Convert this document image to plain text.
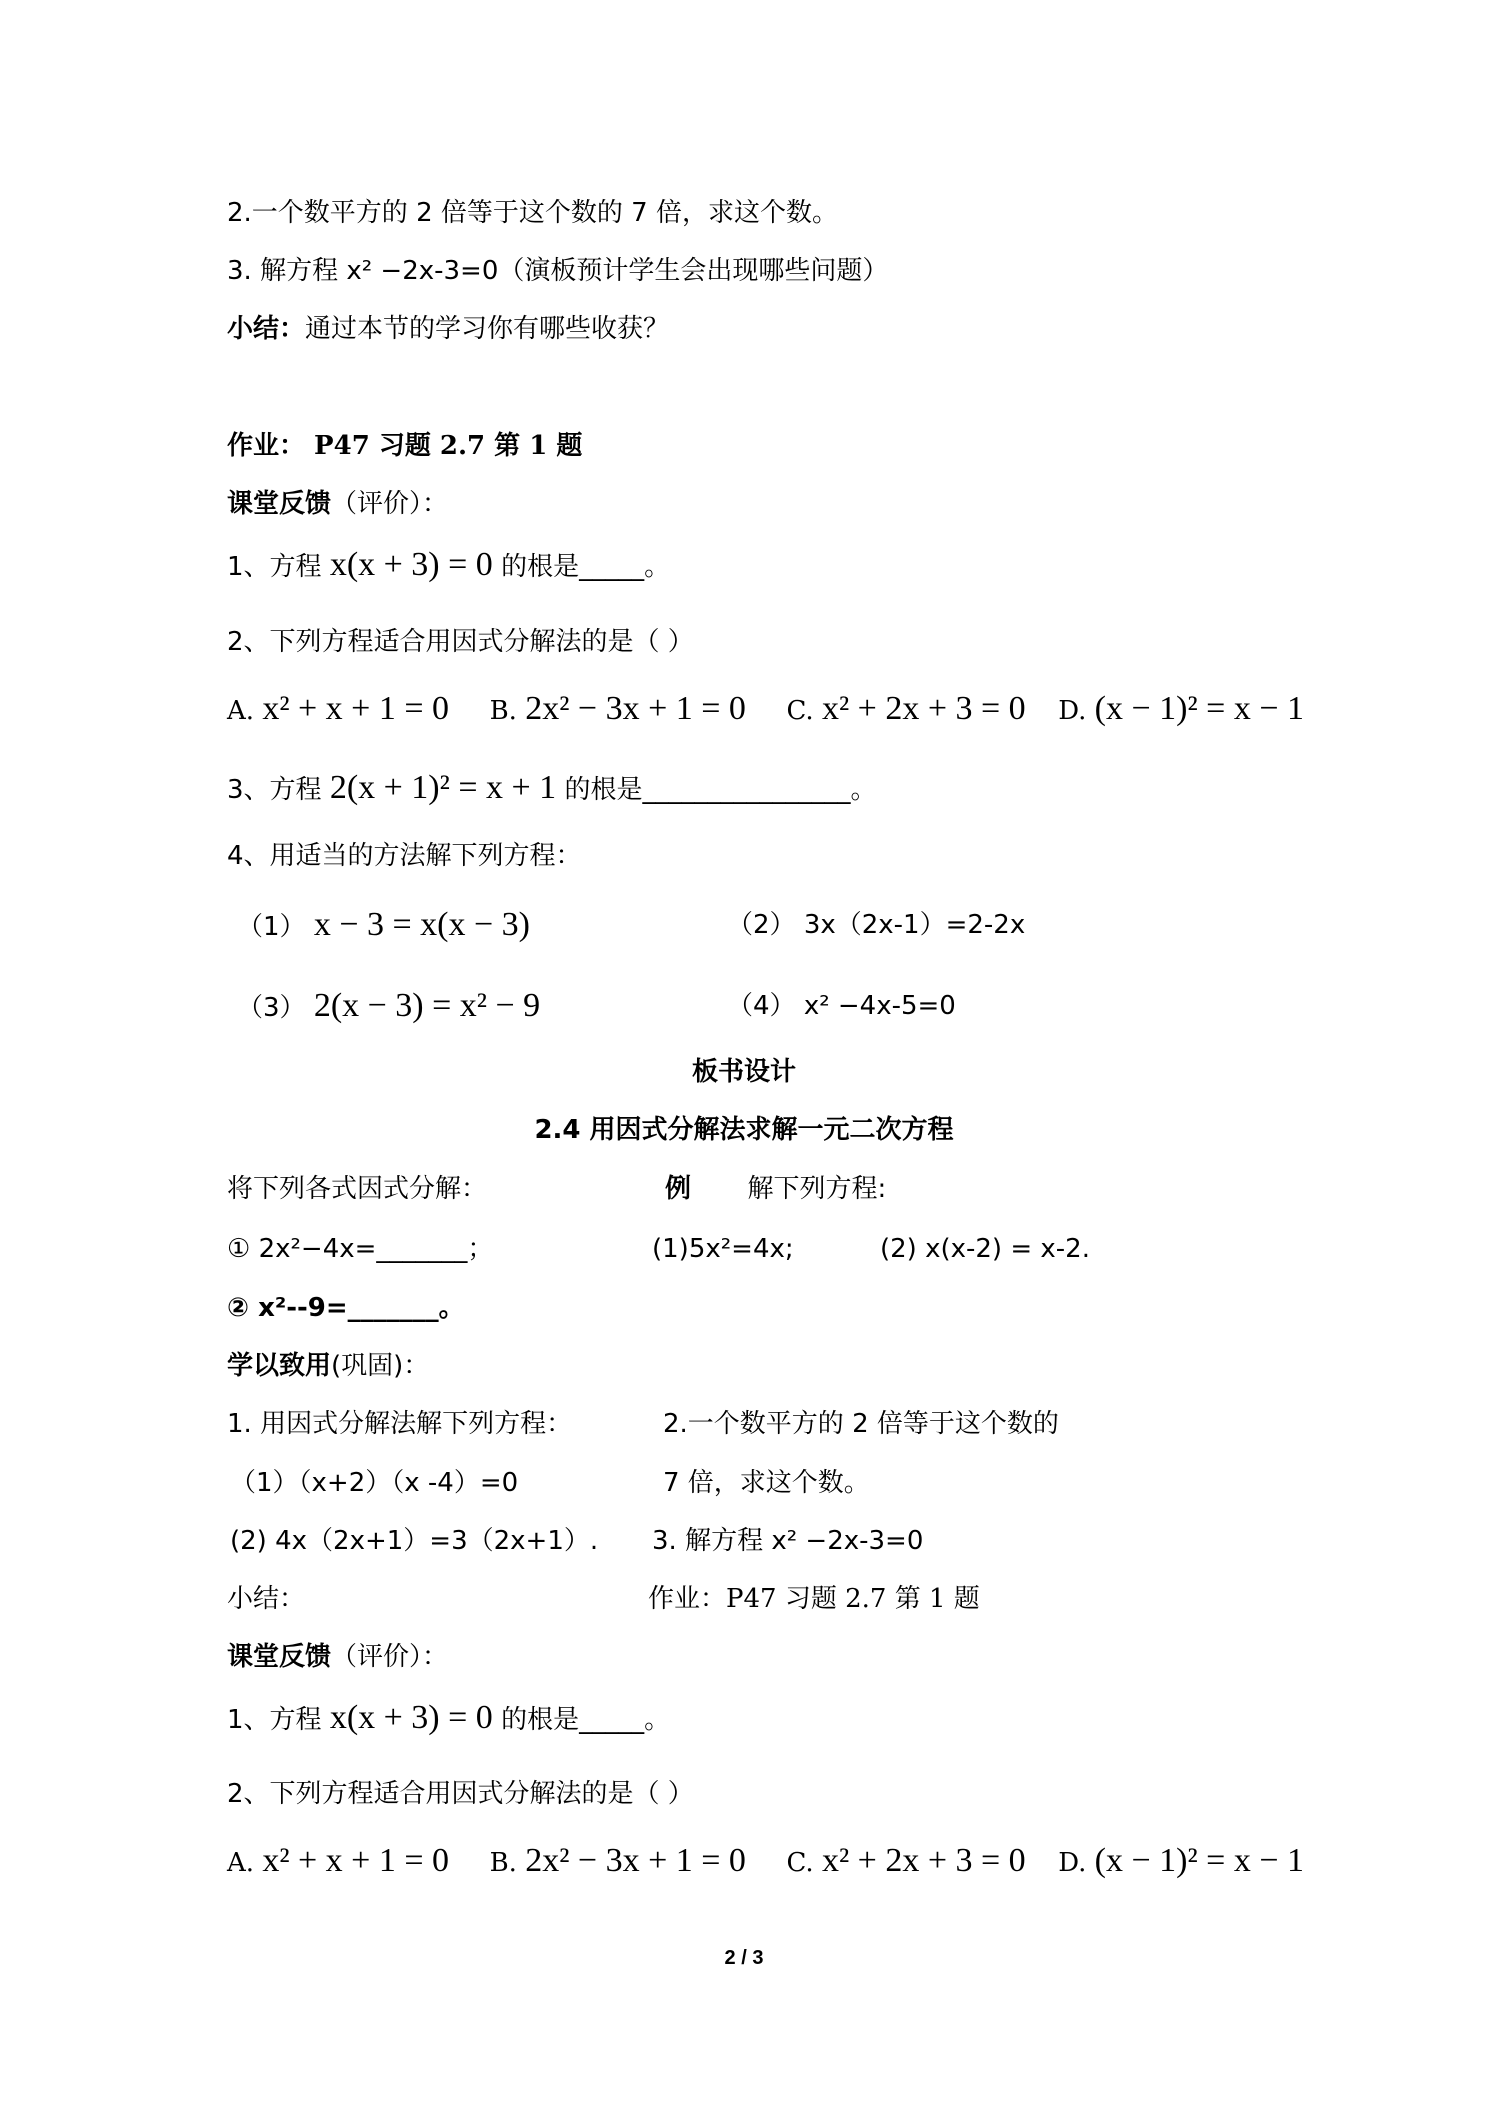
2.一个数平方的 2 倍等于这个数的 7 倍，求这个数。
3. 解方程 x² −2x-3=0（演板预计学生会出现哪些问题）
小结：通过本节的学习你有哪些收获？
作业： P47 习题 2.7 第 1 题
课堂反馈（评价）：
1、方程 x(x + 3) = 0 的根是_____。
2、下列方程适合用因式分解法的是（ ）
A. x² + x + 1 = 0 B. 2x² − 3x + 1 = 0 C. x² + 2x + 3 = 0 D. (x − 1)² = x − 1
3、方程 2(x + 1)² = x + 1 的根是________________。
4、用适当的方法解下列方程：
（1） x − 3 = x(x − 3)	（2） 3x（2x-1）=2-2x
（3） 2(x − 3) = x² − 9	（4） x² −4x-5=0
板书设计
2.4 用因式分解法求解一元二次方程
将下列各式因式分解：	例 解下列方程:
① 2x²−4x=_______；	(1)5x²=4x;	(2) x(x-2) = x-2.
② x²--9=_______。
学以致用(巩固)：
1. 用因式分解法解下列方程：	2.一个数平方的 2 倍等于这个数的
（1）（x+2）（x -4）=0	7 倍，求这个数。
(2) 4x（2x+1）=3（2x+1）. 3. 解方程 x² −2x-3=0
小结：	作业：P47 习题 2.7 第 1 题
课堂反馈（评价）：
1、方程 x(x + 3) = 0 的根是_____。
2、下列方程适合用因式分解法的是（ ）
A. x² + x + 1 = 0 B. 2x² − 3x + 1 = 0 C. x² + 2x + 3 = 0 D. (x − 1)² = x − 1
2 / 3
